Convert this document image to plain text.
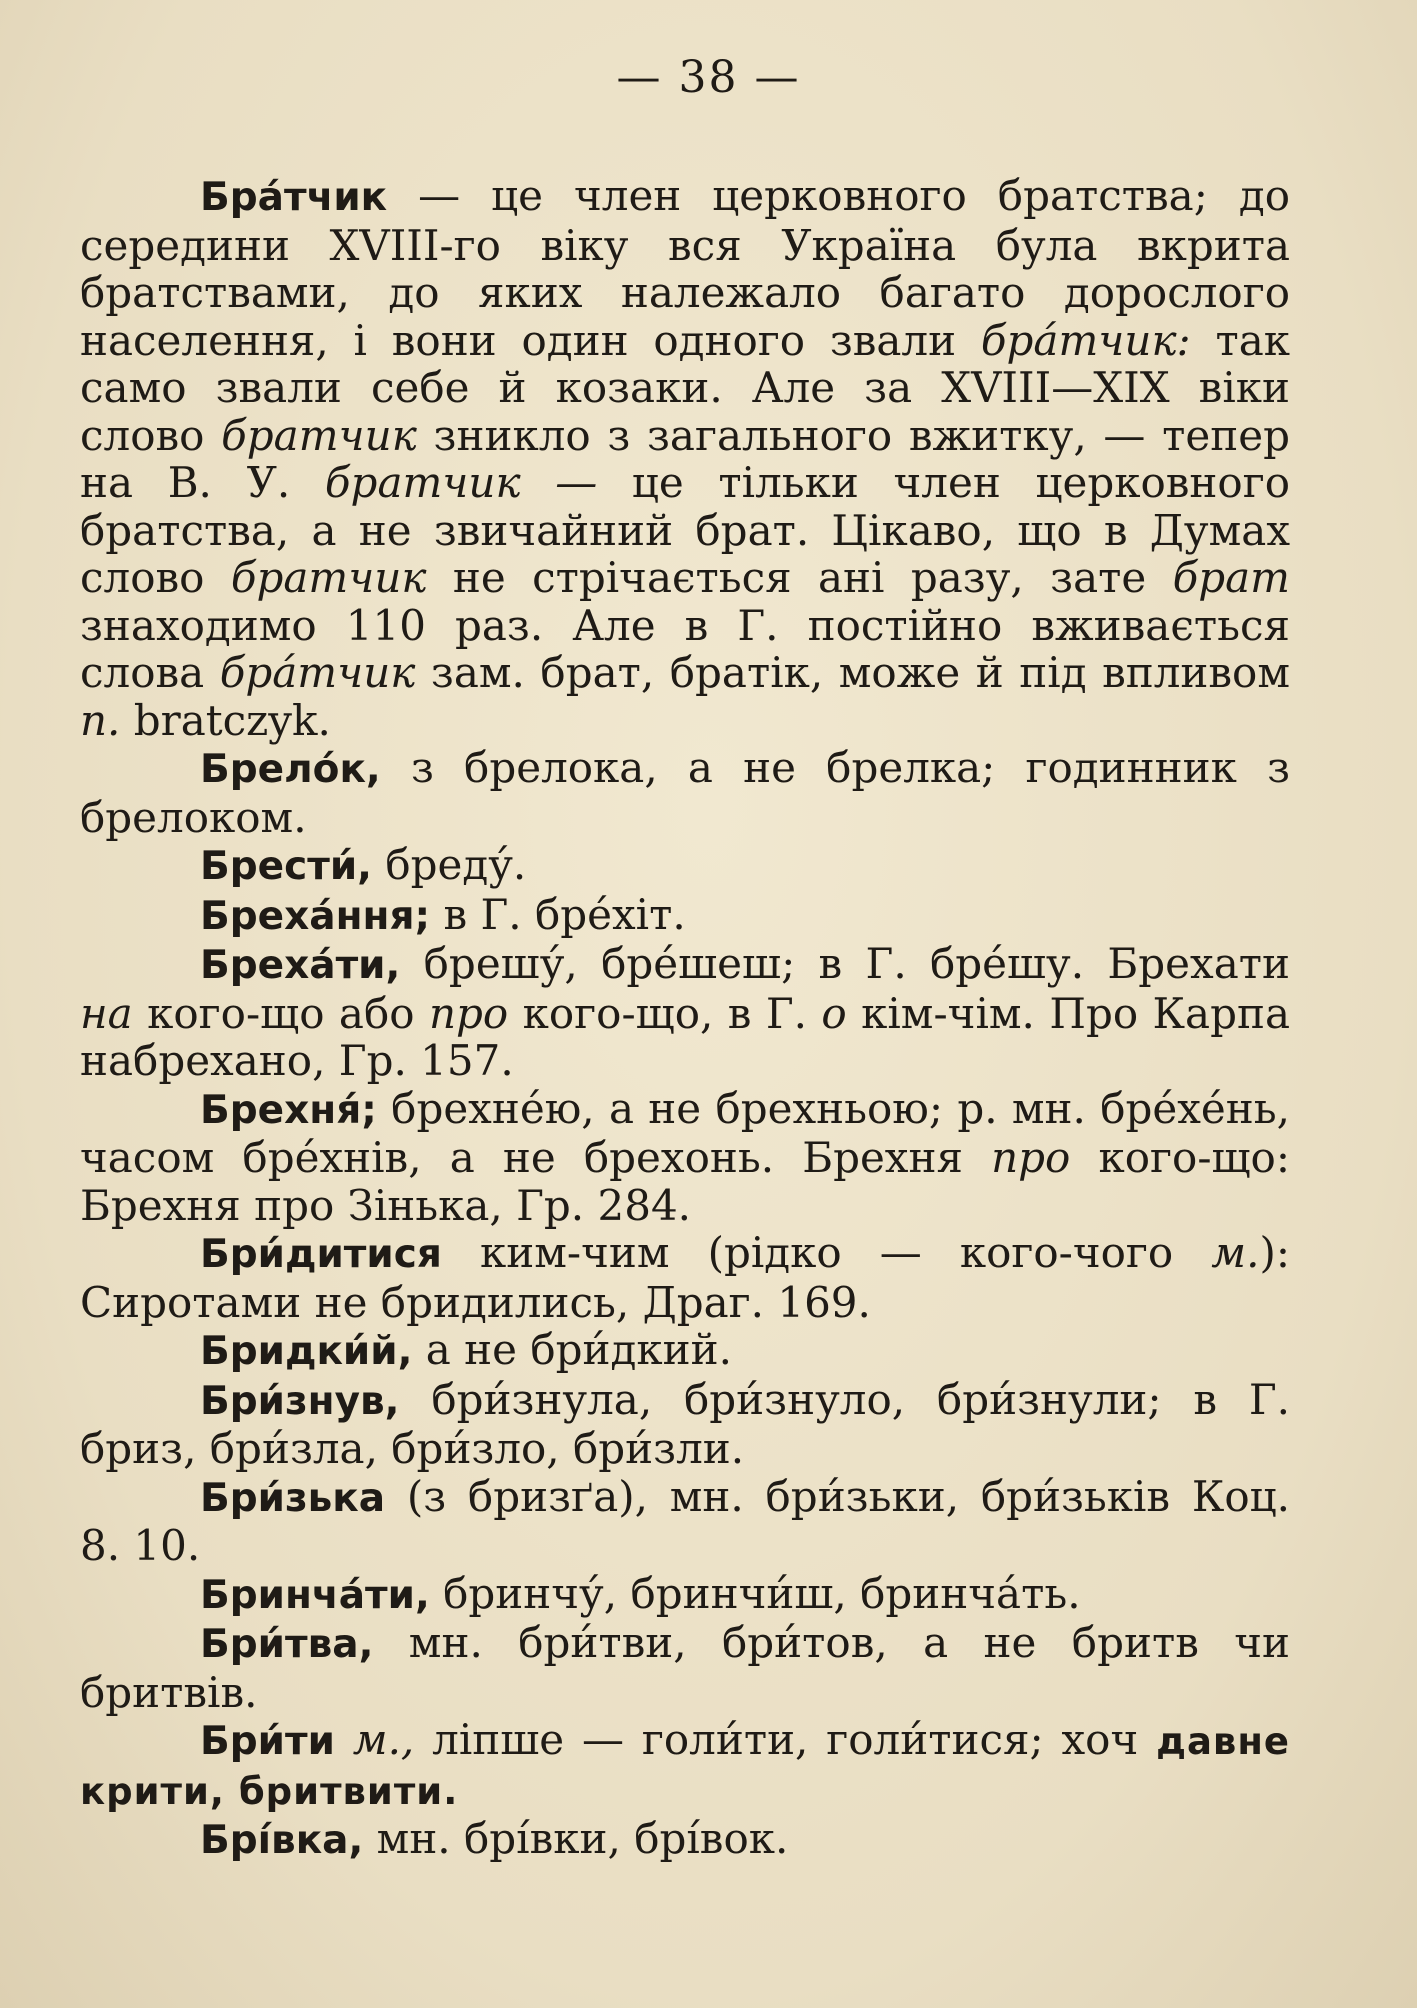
— 38 —

Бра́тчик — це член церковного братства; до середини XVIII-го віку вся Україна була вкрита братствами, до яких належало багато дорослого населення, і вони один одного звали бра́тчик: так само звали себе й козаки. Але за XVIII—XIX віки слово братчик зникло з загального вжитку, — тепер на В. У. братчик — це тільки член церковного братства, а не звичайний брат. Цікаво, що в Думах слово братчик не стрічається ані разу, зате брат знаходимо 110 раз. Але в Г. постійно вживається слова бра́тчик зам. брат, братік, може й під впливом п. bratczyk.

Брело́к, з брелока, а не брелка; годинник з брелоком.

Брести́, бреду́.

Бреха́ння; в Г. бре́хіт.

Бреха́ти, брешу́, бре́шеш; в Г. бре́шу. Брехати на кого-що або про кого-що, в Г. о кім-чім. Про Карпа набрехано, Гр. 157.

Брехня́; брехне́ю, а не брехньою; р. мн. бре́хе́нь, часом бре́хнів, а не брехонь. Брехня про кого-що: Брехня про Зінька, Гр. 284.

Бри́дитися ким-чим (рідко — кого-чого м.): Сиротами не бридились, Драг. 169.

Бридки́й, а не бри́дкий.

Бри́знув, бри́знула, бри́знуло, бри́знули; в Г. бриз, бри́зла, бри́зло, бри́зли.

Бри́зька (з бризґа), мн. бри́зьки, бри́зьків Коц. 8. 10.

Бринча́ти, бринчу́, бринчи́ш, бринча́ть.

Бри́тва, мн. бри́тви, бри́тов, а не бритв чи бритвів.

Бри́ти м., ліпше — голи́ти, голи́тися; хоч давне крити, бритвити.

Брі́вка, мн. брі́вки, брі́вок.
